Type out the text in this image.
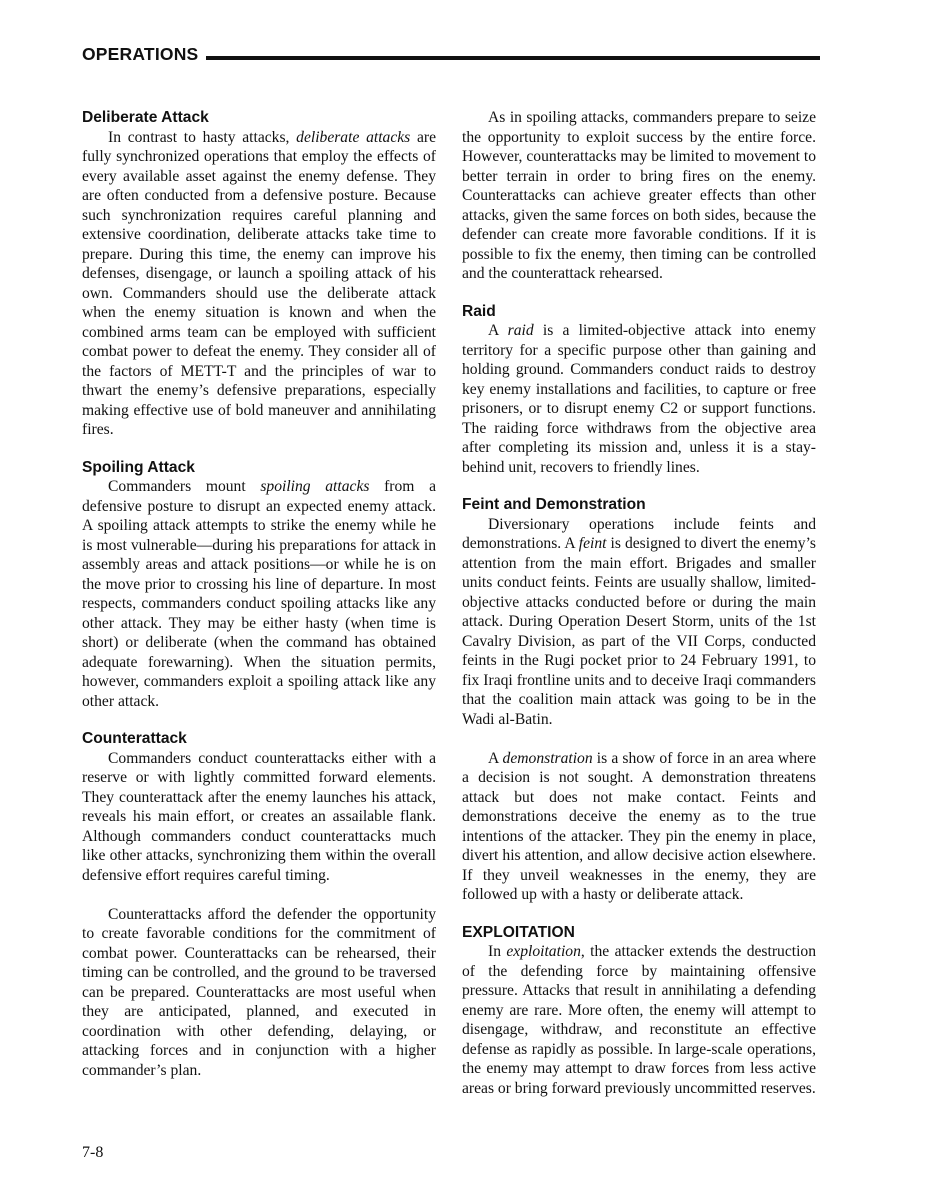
OPERATIONS
Deliberate Attack

In contrast to hasty attacks, deliberate attacks are fully synchronized operations that employ the effects of every available asset against the enemy defense. They are often conducted from a defensive posture. Because such synchronization requires careful planning and extensive coordination, deliberate attacks take time to prepare. During this time, the enemy can improve his defenses, disengage, or launch a spoiling attack of his own. Commanders should use the deliberate attack when the enemy situation is known and when the combined arms team can be employed with sufficient combat power to defeat the enemy. They consider all of the factors of METT-T and the principles of war to thwart the enemy’s defensive preparations, especially making effective use of bold maneuver and annihilating fires.

Spoiling Attack

Commanders mount spoiling attacks from a defensive posture to disrupt an expected enemy attack. A spoiling attack attempts to strike the enemy while he is most vulnerable—during his preparations for attack in assembly areas and attack positions—or while he is on the move prior to crossing his line of departure. In most respects, commanders conduct spoiling attacks like any other attack. They may be either hasty (when time is short) or deliberate (when the command has obtained adequate forewarning). When the situation permits, however, commanders exploit a spoiling attack like any other attack.

Counterattack

Commanders conduct counterattacks either with a reserve or with lightly committed forward elements. They counterattack after the enemy launches his attack, reveals his main effort, or creates an assailable flank. Although commanders conduct counterattacks much like other attacks, synchronizing them within the overall defensive effort requires careful timing.

Counterattacks afford the defender the opportunity to create favorable conditions for the commitment of combat power. Counterattacks can be rehearsed, their timing can be controlled, and the ground to be traversed can be prepared. Counterattacks are most useful when they are anticipated, planned, and executed in coordination with other defending, delaying, or attacking forces and in conjunction with a higher commander’s plan.

As in spoiling attacks, commanders prepare to seize the opportunity to exploit success by the entire force. However, counterattacks may be limited to movement to better terrain in order to bring fires on the enemy. Counterattacks can achieve greater effects than other attacks, given the same forces on both sides, because the defender can create more favorable conditions. If it is possible to fix the enemy, then timing can be controlled and the counterattack rehearsed.

Raid

A raid is a limited-objective attack into enemy territory for a specific purpose other than gaining and holding ground. Commanders conduct raids to destroy key enemy installations and facilities, to capture or free prisoners, or to disrupt enemy C2 or support functions. The raiding force withdraws from the objective area after completing its mission and, unless it is a stay-behind unit, recovers to friendly lines.

Feint and Demonstration

Diversionary operations include feints and demonstrations. A feint is designed to divert the enemy’s attention from the main effort. Brigades and smaller units conduct feints. Feints are usually shallow, limited-objective attacks conducted before or during the main attack. During Operation Desert Storm, units of the 1st Cavalry Division, as part of the VII Corps, conducted feints in the Rugi pocket prior to 24 February 1991, to fix Iraqi frontline units and to deceive Iraqi commanders that the coalition main attack was going to be in the Wadi al-Batin.

A demonstration is a show of force in an area where a decision is not sought. A demonstration threatens attack but does not make contact. Feints and demonstrations deceive the enemy as to the true intentions of the attacker. They pin the enemy in place, divert his attention, and allow decisive action elsewhere. If they unveil weaknesses in the enemy, they are followed up with a hasty or deliberate attack.

EXPLOITATION

In exploitation, the attacker extends the destruction of the defending force by maintaining offensive pressure. Attacks that result in annihilating a defending enemy are rare. More often, the enemy will attempt to disengage, withdraw, and reconstitute an effective defense as rapidly as possible. In large-scale operations, the enemy may attempt to draw forces from less active areas or bring forward previously uncommitted reserves.

7-8
